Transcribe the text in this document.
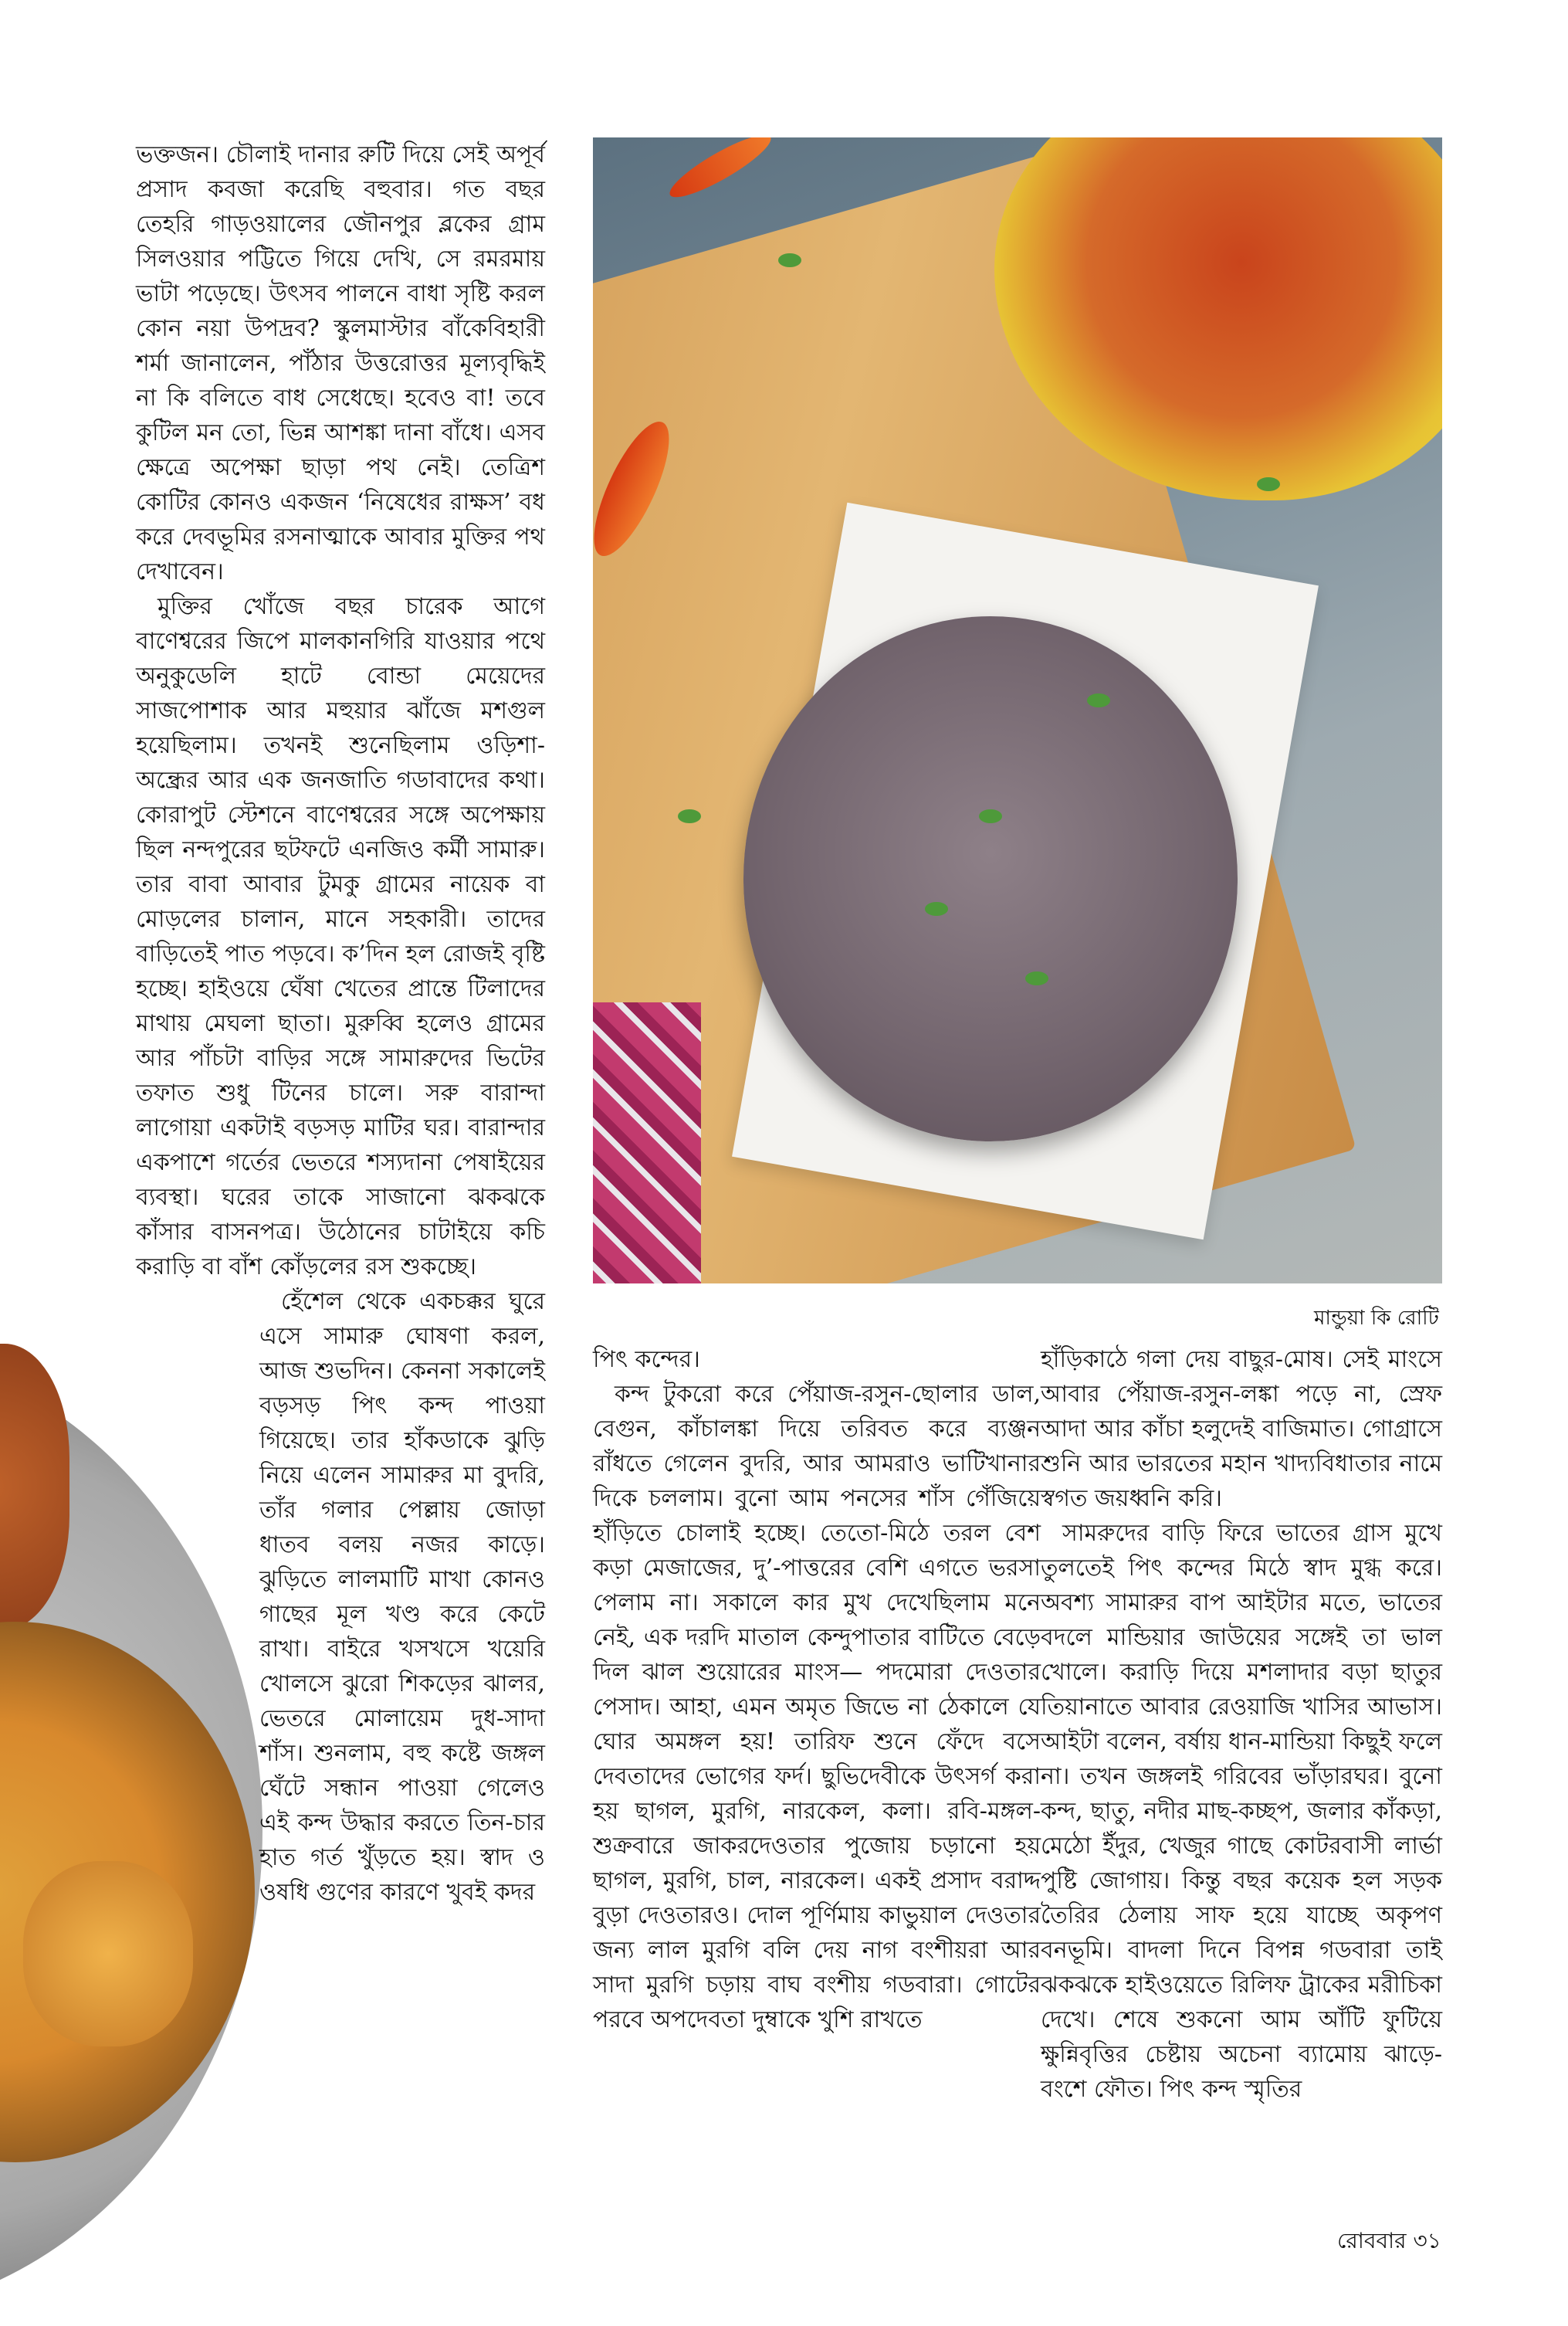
মান্ডুয়া কি রোটি

ভক্তজন। চৌলাই দানার রুটি দিয়ে সেই অপূর্ব প্রসাদ কবজা করেছি বহুবার। গত বছর তেহরি গাড়ওয়ালের জৌনপুর ব্লকের গ্রাম সিলওয়ার পট্টিতে গিয়ে দেখি, সে রমরমায় ভাটা পড়েছে। উৎসব পালনে বাধা সৃষ্টি করল কোন নয়া উপদ্রব? স্কুলমাস্টার বাঁকেবিহারী শর্মা জানালেন, পাঁঠার উত্তরোত্তর মূল্যবৃদ্ধিই না কি বলিতে বাধ সেধেছে। হবেও বা! তবে কুটিল মন তো, ভিন্ন আশঙ্কা দানা বাঁধে। এসব ক্ষেত্রে অপেক্ষা ছাড়া পথ নেই। তেত্রিশ কোটির কোনও একজন ‘নিষেধের রাক্ষস’ বধ করে দেবভূমির রসনাত্মাকে আবার মুক্তির পথ দেখাবেন।

মুক্তির খোঁজে বছর চারেক আগে বাণেশ্বরের জিপে মালকানগিরি যাওয়ার পথে অনুকুডেলি হাটে বোন্ডা মেয়েদের সাজপোশাক আর মহুয়ার ঝাঁজে মশগুল হয়েছিলাম। তখনই শুনেছিলাম ওড়িশা-অন্ধ্রের আর এক জনজাতি গডাবাদের কথা। কোরাপুট স্টেশনে বাণেশ্বরের সঙ্গে অপেক্ষায় ছিল নন্দপুরের ছটফটে এনজিও কর্মী সামারু। তার বাবা আবার টুমকু গ্রামের নায়েক বা মোড়লের চালান, মানে সহকারী। তাদের বাড়িতেই পাত পড়বে। ক’দিন হল রোজই বৃষ্টি হচ্ছে। হাইওয়ে ঘেঁষা খেতের প্রান্তে টিলাদের মাথায় মেঘলা ছাতা। মুরুব্বি হলেও গ্রামের আর পাঁচটা বাড়ির সঙ্গে সামারুদের ভিটের তফাত শুধু টিনের চালে। সরু বারান্দা লাগোয়া একটাই বড়সড় মাটির ঘর। বারান্দার একপাশে গর্তের ভেতরে শস্যদানা পেষাইয়ের ব্যবস্থা। ঘরের তাকে সাজানো ঝকঝকে কাঁসার বাসনপত্র। উঠোনের চাটাইয়ে কচি করাড়ি বা বাঁশ কোঁড়লের রস শুকচ্ছে।

হেঁশেল থেকে একচক্কর ঘুরে এসে সামারু ঘোষণা করল, আজ শুভদিন। কেননা সকালেই বড়সড় পিৎ কন্দ পাওয়া গিয়েছে। তার হাঁকডাকে ঝুড়ি নিয়ে এলেন সামারুর মা বুদরি, তাঁর গলার পেল্লায় জোড়া ধাতব বলয় নজর কাড়ে। ঝুড়িতে লালমাটি মাখা কোনও গাছের মূল খণ্ড করে কেটে রাখা। বাইরে খসখসে খয়েরি খোলসে ঝুরো শিকড়ের ঝালর, ভেতরে মোলায়েম দুধ-সাদা শাঁস। শুনলাম, বহু কষ্টে জঙ্গল ঘেঁটে সন্ধান পাওয়া গেলেও এই কন্দ উদ্ধার করতে তিন-চার হাত গর্ত খুঁড়তে হয়। স্বাদ ও ওষধি গুণের কারণে খুবই কদর

পিৎ কন্দের।

কন্দ টুকরো করে পেঁয়াজ-রসুন-ছোলার ডাল, বেগুন, কাঁচালঙ্কা দিয়ে তরিবত করে ব্যঞ্জন রাঁধতে গেলেন বুদরি, আর আমরাও ভাটিখানার দিকে চললাম। বুনো আম পনসের শাঁস গেঁজিয়ে হাঁড়িতে চোলাই হচ্ছে। তেতো-মিঠে তরল বেশ কড়া মেজাজের, দু’-পাত্তরের বেশি এগতে ভরসা পেলাম না। সকালে কার মুখ দেখেছিলাম মনে নেই, এক দরদি মাতাল কেন্দুপাতার বাটিতে বেড়ে দিল ঝাল শুয়োরের মাংস— পদমোরা দেওতার পেসাদ। আহা, এমন অমৃত জিভে না ঠেকালে যে ঘোর অমঙ্গল হয়! তারিফ শুনে ফেঁদে বসে দেবতাদের ভোগের ফর্দ। ছুভিদেবীকে উৎসর্গ করা হয় ছাগল, মুরগি, নারকেল, কলা। রবি-মঙ্গল-শুক্রবারে জাকরদেওতার পুজোয় চড়ানো হয় ছাগল, মুরগি, চাল, নারকেল। একই প্রসাদ বরাদ্দ বুড়া দেওতারও। দোল পূর্ণিমায় কাভুয়াল দেওতার জন্য লাল মুরগি বলি দেয় নাগ বংশীয়রা আর সাদা মুরগি চড়ায় বাঘ বংশীয় গডবারা। গোটের পরবে অপদেবতা দুম্বাকে খুশি রাখতে

হাঁড়িকাঠে গলা দেয় বাছুর-মোষ। সেই মাংসে আবার পেঁয়াজ-রসুন-লঙ্কা পড়ে না, স্রেফ আদা আর কাঁচা হলুদেই বাজিমাত। গোগ্রাসে শুনি আর ভারতের মহান খাদ্যবিধাতার নামে স্বগত জয়ধ্বনি করি।

সামরুদের বাড়ি ফিরে ভাতের গ্রাস মুখে তুলতেই পিৎ কন্দের মিঠে স্বাদ মুগ্ধ করে। অবশ্য সামারুর বাপ আইটার মতে, ভাতের বদলে মান্ডিয়ার জাউয়ের সঙ্গেই তা ভাল খোলে। করাড়ি দিয়ে মশলাদার বড়া ছাতুর তিয়ানাতে আবার রেওয়াজি খাসির আভাস। আইটা বলেন, বর্ষায় ধান-মান্ডিয়া কিছুই ফলে না। তখন জঙ্গলই গরিবের ভাঁড়ারঘর। বুনো কন্দ, ছাতু, নদীর মাছ-কচ্ছপ, জলার কাঁকড়া, মেঠো ইঁদুর, খেজুর গাছে কোটরবাসী লার্ভা পুষ্টি জোগায়। কিন্তু বছর কয়েক হল সড়ক তৈরির ঠেলায় সাফ হয়ে যাচ্ছে অকৃপণ বনভূমি। বাদলা দিনে বিপন্ন গডবারা তাই ঝকঝকে হাইওয়েতে রিলিফ ট্রাকের মরীচিকা দেখে। শেষে শুকনো আম আঁটি ফুটিয়ে ক্ষুন্নিবৃত্তির চেষ্টায় অচেনা ব্যামোয় ঝাড়ে-বংশে ফৌত। পিৎ কন্দ স্মৃতির

রোববার ৩১
